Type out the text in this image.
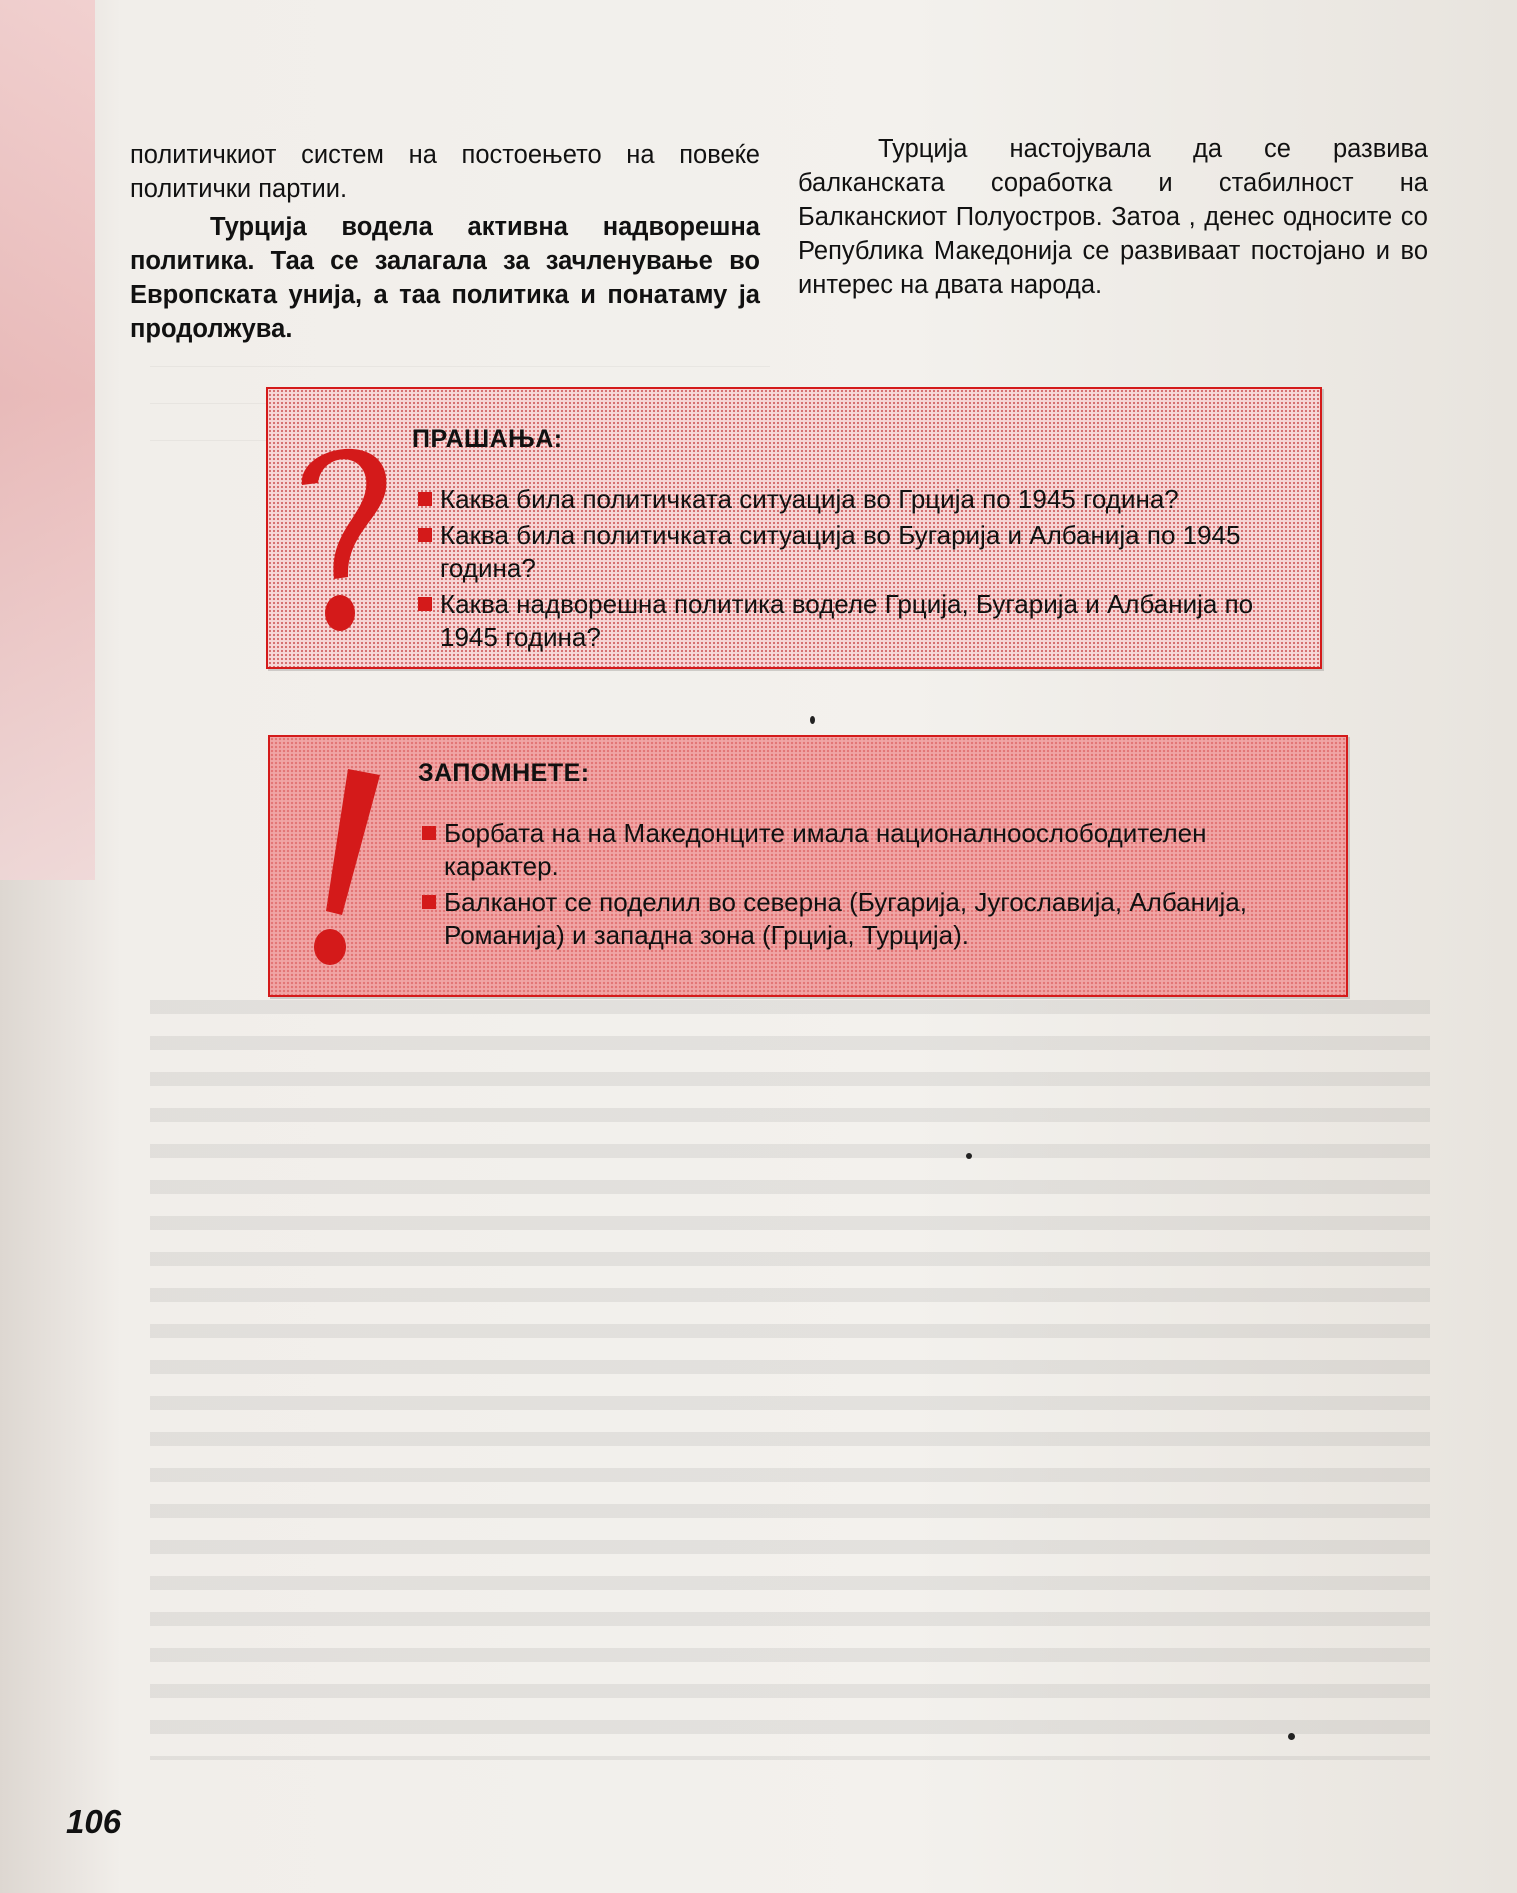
политичкиот систем на постоењето на повеќе политички партии.

Турција водела активна надворешна политика. Таа се залагала за зачленување во Европската унија, а таа политика и понатаму ја продолжува.

Турција настојувала да се развива балканската соработка и стабилност на Балканскиот Полуостров. Затоа , денес односите со Република Македонија се развиваат постојано и во интерес на двата народа.
ПРАШАЊА:
Каква била политичката ситуација во Грција по 1945 година?
Каква била политичката ситуација во Бугарија и Албанија по 1945 година?
Каква надворешна политика воделе Грција, Бугарија и Албанија по 1945 година?
ЗАПОМНЕТЕ:
Борбата на на Македонците имала националноослободителен карактер.
Балканот се поделил во северна (Бугарија, Југославија, Албанија, Романија) и западна зона (Грција, Турција).
106
